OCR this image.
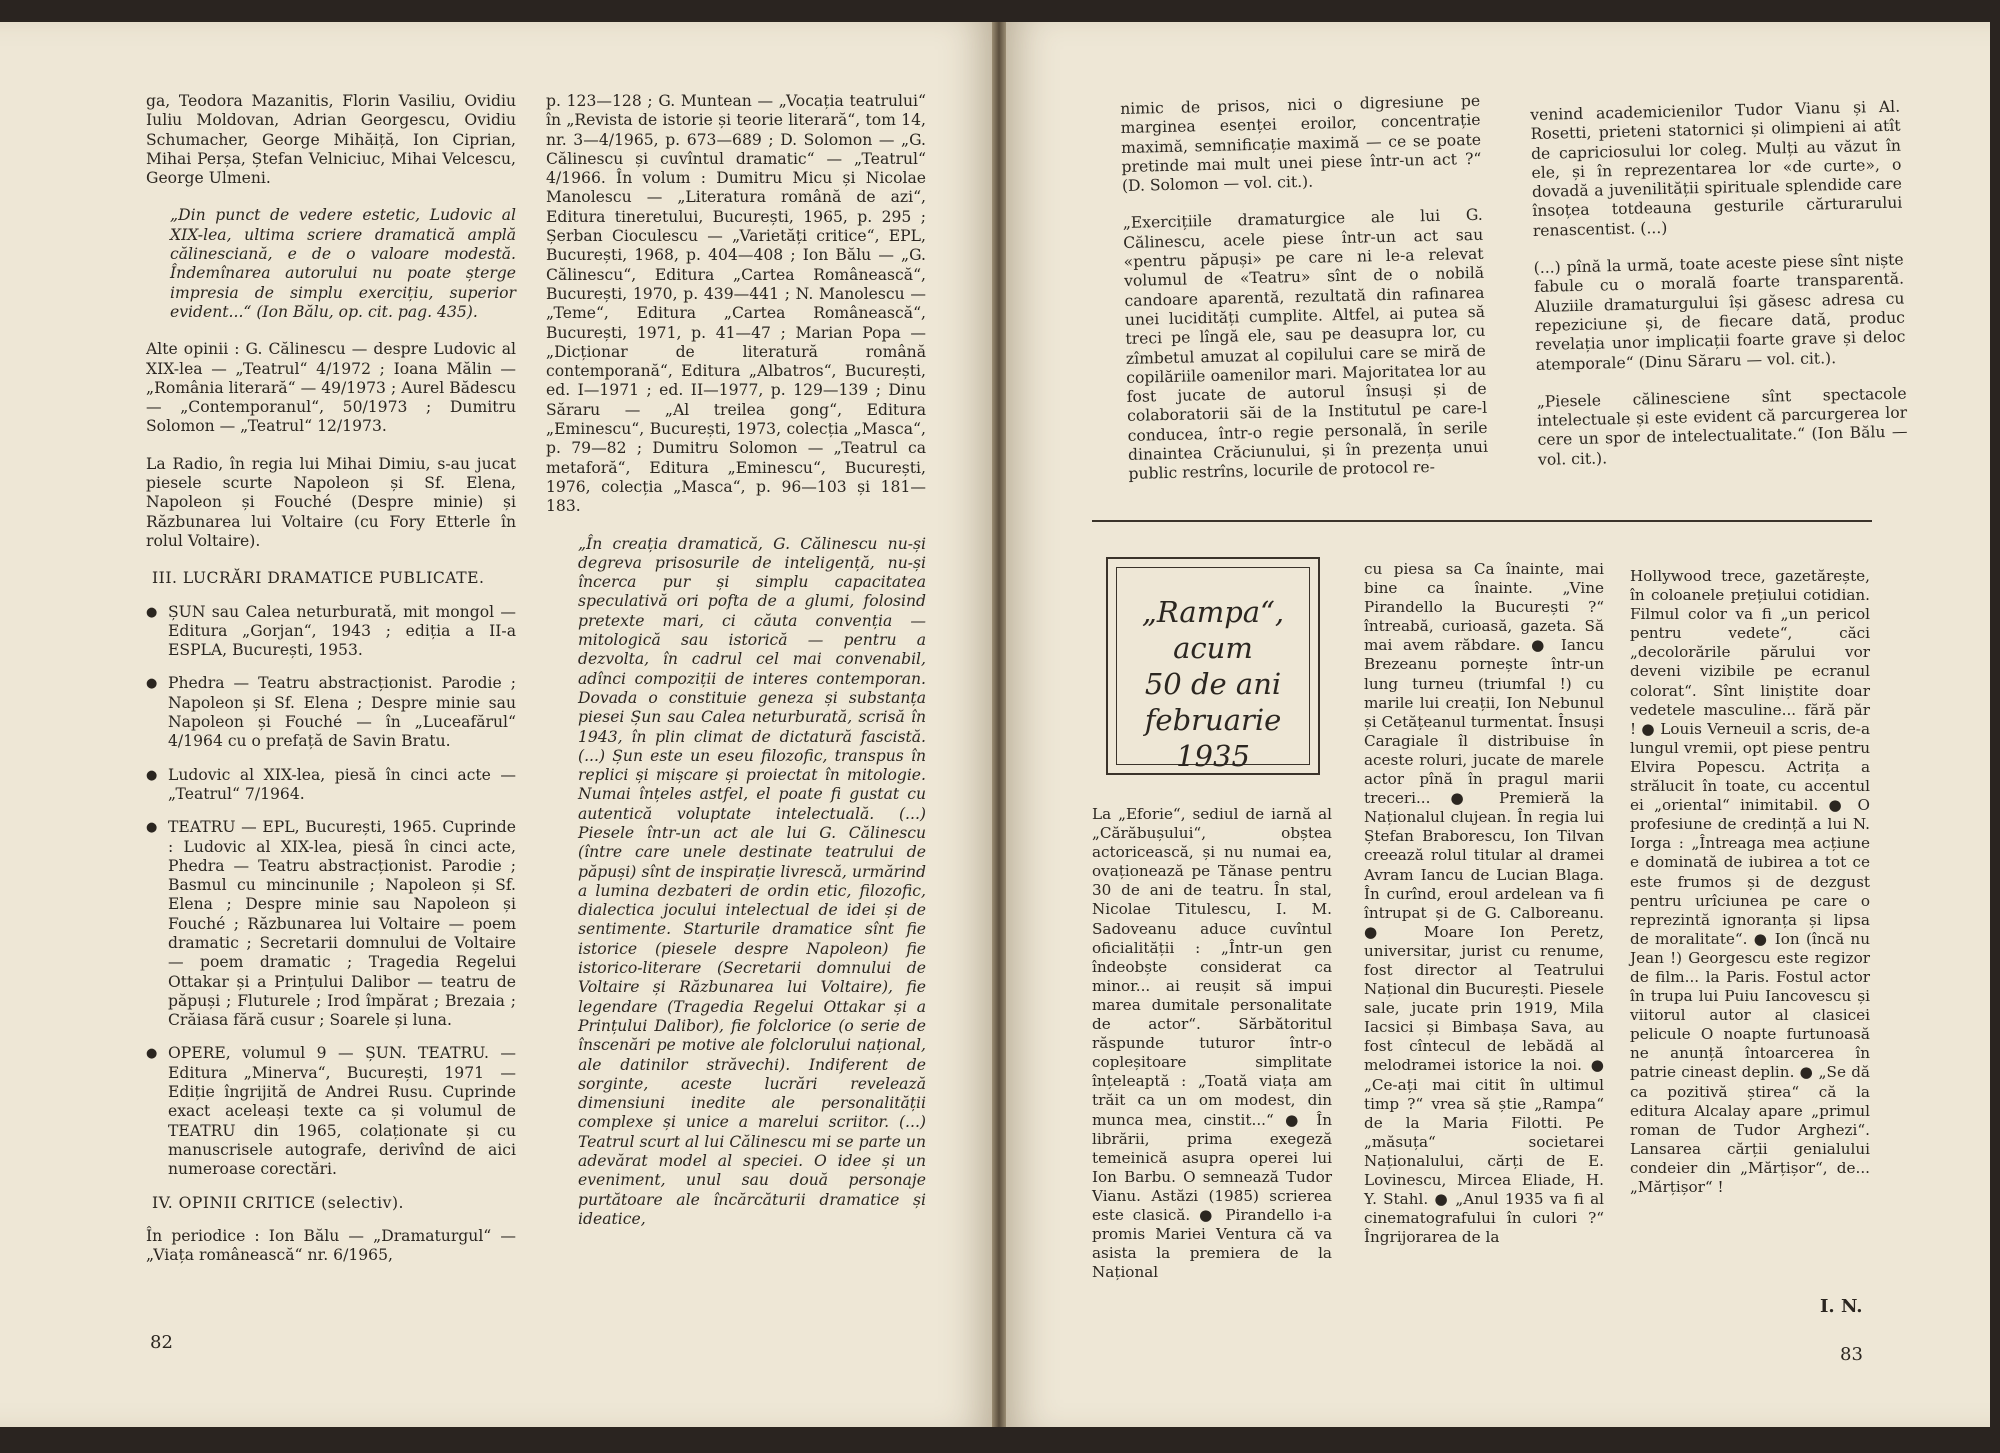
ga, Teodora Mazanitis, Florin Vasiliu, Ovidiu Iuliu Moldovan, Adrian Georgescu, Ovidiu Schumacher, George Mihăiță, Ion Ciprian, Mihai Perșa, Ștefan Velniciuc, Mihai Velcescu, George Ulmeni.

„Din punct de vedere estetic, Ludovic al XIX-lea, ultima scriere dramatică amplă călinesciană, e de o valoare modestă. Îndemînarea autorului nu poate șterge impresia de simplu exercițiu, superior evident...“ (Ion Bălu, op. cit. pag. 435).

Alte opinii : G. Călinescu — despre Ludovic al XIX-lea — „Teatrul“ 4/1972 ; Ioana Mălin — „România literară“ — 49/1973 ; Aurel Bădescu — „Contemporanul“, 50/1973 ; Dumitru Solomon — „Teatrul“ 12/1973.

La Radio, în regia lui Mihai Dimiu, s-au jucat piesele scurte Napoleon și Sf. Elena, Napoleon și Fouché (Despre minie) și Răzbunarea lui Voltaire (cu Fory Etterle în rolul Voltaire).

III. LUCRĂRI DRAMATICE PUBLICATE.
● ȘUN sau Calea neturburată, mit mongol — Editura „Gorjan“, 1943 ; ediția a II-a ESPLA, București, 1953.
● Phedra — Teatru abstracționist. Parodie ; Napoleon și Sf. Elena ; Despre minie sau Napoleon și Fouché — în „Luceafărul“ 4/1964 cu o prefață de Savin Bratu.
● Ludovic al XIX-lea, piesă în cinci acte — „Teatrul“ 7/1964.
● TEATRU — EPL, București, 1965. Cuprinde : Ludovic al XIX-lea, piesă în cinci acte, Phedra — Teatru abstracționist. Parodie ; Basmul cu mincinunile ; Napoleon și Sf. Elena ; Despre minie sau Napoleon și Fouché ; Răzbunarea lui Voltaire — poem dramatic ; Secretarii domnului de Voltaire — poem dramatic ; Tragedia Regelui Ottakar și a Prințului Dalibor — teatru de păpuși ; Fluturele ; Irod împărat ; Brezaia ; Crăiasa fără cusur ; Soarele și luna.
● OPERE, volumul 9 — ȘUN. TEATRU. — Editura „Minerva“, București, 1971 — Ediție îngrijită de Andrei Rusu. Cuprinde exact aceleași texte ca și volumul de TEATRU din 1965, colaționate și cu manuscrisele autografe, derivînd de aici numeroase corectări.
IV. OPINII CRITICE (selectiv).

În periodice : Ion Bălu — „Dramaturgul“ — „Viața românească“ nr. 6/1965,

p. 123—128 ; G. Muntean — „Vocația teatrului“ în „Revista de istorie și teorie literară“, tom 14, nr. 3—4/1965, p. 673—689 ; D. Solomon — „G. Călinescu și cuvîntul dramatic“ — „Teatrul“ 4/1966. În volum : Dumitru Micu și Nicolae Manolescu — „Literatura română de azi“, Editura tineretului, București, 1965, p. 295 ; Șerban Cioculescu — „Varietăți critice“, EPL, București, 1968, p. 404—408 ; Ion Bălu — „G. Călinescu“, Editura „Cartea Românească“, București, 1970, p. 439—441 ; N. Manolescu — „Teme“, Editura „Cartea Românească“, București, 1971, p. 41—47 ; Marian Popa — „Dicționar de literatură română contemporană“, Editura „Albatros“, București, ed. I—1971 ; ed. II—1977, p. 129—139 ; Dinu Săraru — „Al treilea gong“, Editura „Eminescu“, București, 1973, colecția „Masca“, p. 79—82 ; Dumitru Solomon — „Teatrul ca metaforă“, Editura „Eminescu“, București, 1976, colecția „Masca“, p. 96—103 și 181—183.

„În creația dramatică, G. Călinescu nu-și degreva prisosurile de inteligență, nu-și încerca pur și simplu capacitatea speculativă ori pofta de a glumi, folosind pretexte mari, ci căuta convenția — mitologică sau istorică — pentru a dezvolta, în cadrul cel mai convenabil, adînci compoziții de interes contemporan. Dovada o constituie geneza și substanța piesei Șun sau Calea neturburată, scrisă în 1943, în plin climat de dictatură fascistă. (...) Șun este un eseu filozofic, transpus în replici și mișcare și proiectat în mitologie. Numai înțeles astfel, el poate fi gustat cu autentică voluptate intelectuală. (...) Piesele într-un act ale lui G. Călinescu (între care unele destinate teatrului de păpuși) sînt de inspirație livrescă, urmărind a lumina dezbateri de ordin etic, filozofic, dialectica jocului intelectual de idei și de sentimente. Starturile dramatice sînt fie istorice (piesele despre Napoleon) fie istorico-literare (Secretarii domnului de Voltaire și Răzbunarea lui Voltaire), fie legendare (Tragedia Regelui Ottakar și a Prințului Dalibor), fie folclorice (o serie de înscenări pe motive ale folclorului național, ale datinilor străvechi). Indiferent de sorginte, aceste lucrări revelează dimensiuni inedite ale personalității complexe și unice a marelui scriitor. (...) Teatrul scurt al lui Călinescu mi se parte un adevărat model al speciei. O idee și un eveniment, unul sau două personaje purtătoare ale încărcăturii dramatice și ideatice,

82

nimic de prisos, nici o digresiune pe marginea esenței eroilor, concentrație maximă, semnificație maximă — ce se poate pretinde mai mult unei piese într-un act ?“ (D. Solomon — vol. cit.).

„Exercițiile dramaturgice ale lui G. Călinescu, acele piese într-un act sau «pentru păpuși» pe care ni le-a relevat volumul de «Teatru» sînt de o nobilă candoare aparentă, rezultată din rafinarea unei lucidități cumplite. Altfel, ai putea să treci pe lîngă ele, sau pe deasupra lor, cu zîmbetul amuzat al copilului care se miră de copilăriile oamenilor mari. Majoritatea lor au fost jucate de autorul însuși și de colaboratorii săi de la Institutul pe care-l conducea, într-o regie personală, în serile dinaintea Crăciunului, și în prezența unui public restrîns, locurile de protocol re-

venind academicienilor Tudor Vianu și Al. Rosetti, prieteni statornici și olimpieni ai atît de capriciosului lor coleg. Mulți au văzut în ele, și în reprezentarea lor «de curte», o dovadă a juvenilității spirituale splendide care însoțea totdeauna gesturile cărturarului renascentist. (...)

(...) pînă la urmă, toate aceste piese sînt niște fabule cu o morală foarte transparentă. Aluziile dramaturgului își găsesc adresa cu repeziciune și, de fiecare dată, produc revelația unor implicații foarte grave și deloc atemporale“ (Dinu Săraru — vol. cit.).

„Piesele călinesciene sînt spectacole intelectuale și este evident că parcurgerea lor cere un spor de intelectualitate.“ (Ion Bălu — vol. cit.).

„Rampa“,
acum
50 de ani
februarie
1935
La „Eforie“, sediul de iarnă al „Cărăbușului“, obștea actoricească, și nu numai ea, ovaționează pe Tănase pentru 30 de ani de teatru. În stal, Nicolae Titulescu, I. M. Sadoveanu aduce cuvîntul oficialității : „Într-un gen îndeobște considerat ca minor... ai reușit să impui marea dumitale personalitate de actor“. Sărbătoritul răspunde tuturor într-o copleșitoare simplitate înțeleaptă : „Toată viața am trăit ca un om modest, din munca mea, cinstit...“ ● În librării, prima exegeză temeinică asupra operei lui Ion Barbu. O semnează Tudor Vianu. Astăzi (1985) scrierea este clasică. ● Pirandello i-a promis Mariei Ventura că va asista la premiera de la Național
cu piesa sa Ca înainte, mai bine ca înainte. „Vine Pirandello la București ?“ întreabă, curioasă, gazeta. Să mai avem răbdare. ● Iancu Brezeanu pornește într-un lung turneu (triumfal !) cu marile lui creații, Ion Nebunul și Cetățeanul turmentat. Însuși Caragiale îl distribuise în aceste roluri, jucate de marele actor pînă în pragul marii treceri... ● Premieră la Naționalul clujean. În regia lui Ștefan Braborescu, Ion Tilvan creează rolul titular al dramei Avram Iancu de Lucian Blaga. În curînd, eroul ardelean va fi întrupat și de G. Calboreanu. ● Moare Ion Peretz, universitar, jurist cu renume, fost director al Teatrului Național din București. Piesele sale, jucate prin 1919, Mila Iacsici și Bimbașa Sava, au fost cîntecul de lebădă al melodramei istorice la noi. ● „Ce-ați mai citit în ultimul timp ?“ vrea să știe „Rampa“ de la Maria Filotti. Pe „măsuța“ societarei Naționalului, cărți de E. Lovinescu, Mircea Eliade, H. Y. Stahl. ● „Anul 1935 va fi al cinematografului în culori ?“ Îngrijorarea de la
Hollywood trece, gazetărește, în coloanele prețiului cotidian. Filmul color va fi „un pericol pentru vedete“, căci „decolorările părului vor deveni vizibile pe ecranul colorat“. Sînt liniștite doar vedetele masculine... fără păr ! ● Louis Verneuil a scris, de-a lungul vremii, opt piese pentru Elvira Popescu. Actrița a strălucit în toate, cu accentul ei „oriental“ inimitabil. ● O profesiune de credință a lui N. Iorga : „Întreaga mea acțiune e dominată de iubirea a tot ce este frumos și de dezgust pentru urîciunea pe care o reprezintă ignoranța și lipsa de moralitate“. ● Ion (încă nu Jean !) Georgescu este regizor de film... la Paris. Fostul actor în trupa lui Puiu Iancovescu și viitorul autor al clasicei pelicule O noapte furtunoasă ne anunță întoarcerea în patrie cineast deplin. ● „Se dă ca pozitivă știrea“ că la editura Alcalay apare „primul roman de Tudor Arghezi“. Lansarea cărții genialului condeier din „Mărțișor“, de... „Mărțișor“ !
I. N.
83
